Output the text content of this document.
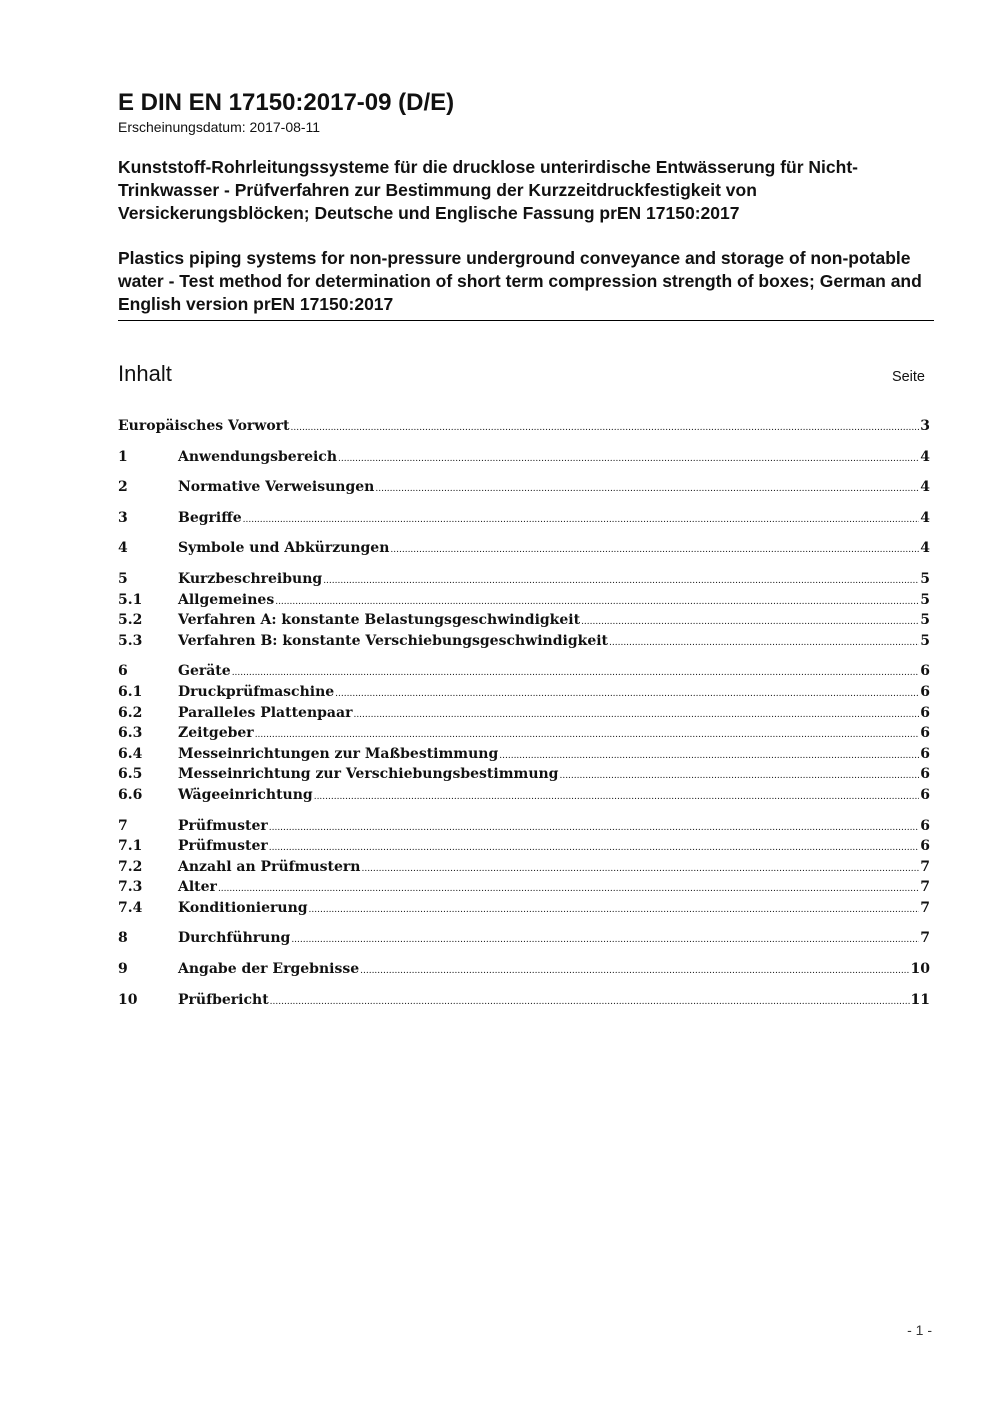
E DIN EN 17150:2017-09 (D/E)

Erscheinungsdatum: 2017-08-11

Kunststoff-Rohrleitungssysteme für die drucklose unterirdische Entwässerung für Nicht-Trinkwasser - Prüfverfahren zur Bestimmung der Kurzzeitdruckfestigkeit von Versickerungsblöcken; Deutsche und Englische Fassung prEN 17150:2017

Plastics piping systems for non-pressure underground conveyance and storage of non-potable water - Test method for determination of short term compression strength of boxes; German and English version prEN 17150:2017

Inhalt	Seite
Europäisches Vorwort .....	3
1	Anwendungsbereich .....	4
2	Normative Verweisungen .....	4
3	Begriffe .....	4
4	Symbole und Abkürzungen .....	4
5	Kurzbeschreibung .....	5
5.1	Allgemeines .....	5
5.2	Verfahren A: konstante Belastungsgeschwindigkeit .....	5
5.3	Verfahren B: konstante Verschiebungsgeschwindigkeit .....	5
6	Geräte .....	6
6.1	Druckprüfmaschine .....	6
6.2	Paralleles Plattenpaar .....	6
6.3	Zeitgeber .....	6
6.4	Messeinrichtungen zur Maßbestimmung .....	6
6.5	Messeinrichtung zur Verschiebungsbestimmung .....	6
6.6	Wägeeinrichtung .....	6
7	Prüfmuster .....	6
7.1	Prüfmuster .....	6
7.2	Anzahl an Prüfmustern .....	7
7.3	Alter .....	7
7.4	Konditionierung .....	7
8	Durchführung .....	7
9	Angabe der Ergebnisse .....	10
10	Prüfbericht .....	11
- 1 -
